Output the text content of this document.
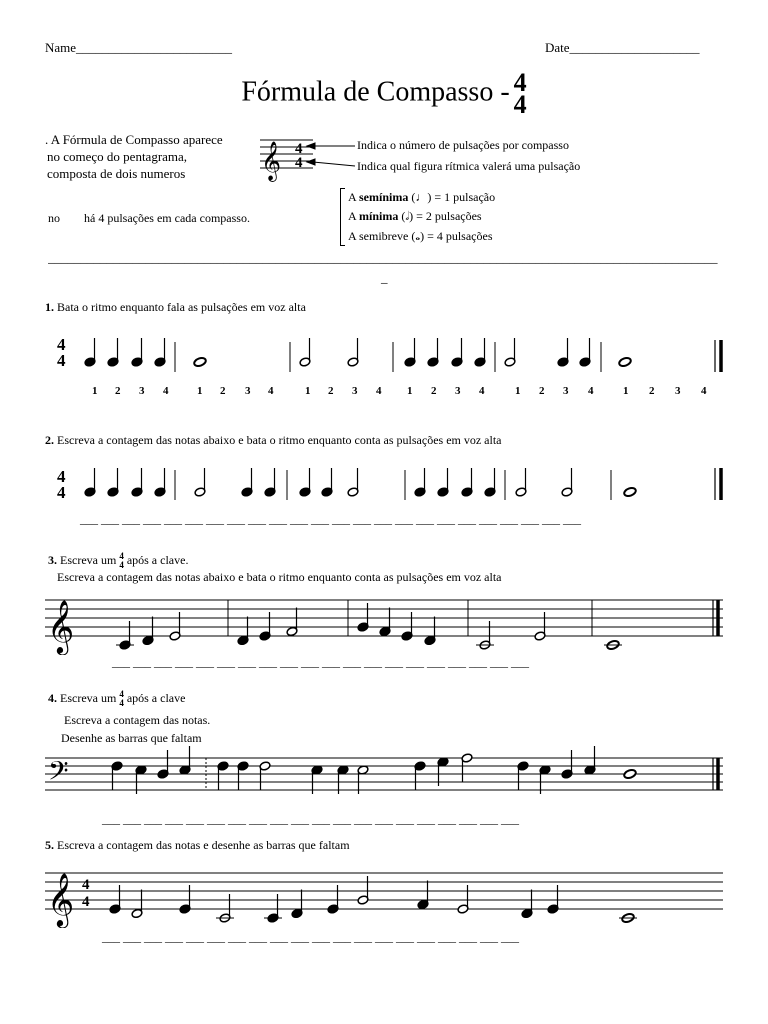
Name________________________	Date____________________
Fórmula de Compasso - 4
4
. A Fórmula de Compasso aparece
no começo do pentagrama,
composta de dois numeros 𝄞 4
4
Indica o número de pulsações por compasso
Indica qual figura rítmica valerá uma pulsação
no há 4 pulsações em cada compasso.
A semínima (♩) = 1 pulsação
A mínima (𝅗𝅥) = 2 pulsações
A semibreve (𝅝) = 4 pulsações
_______________________________________________________________________________________________________
_
1. Bata o ritmo enquanto fala as pulsações em voz alta
4
4
1 2 3 4	1 2 3 4	1 2 3 4 1 2 3 4	1 2 3 4	1 2 3 4
2. Escreva a contagem das notas abaixo e bata o ritmo enquanto conta as pulsações em voz alta
4
4
___ ___ ___ ___ ___ ___ ___ ___ ___ ___ ___ ___ ___ ___ ___ ___ ___ ___ ___ ___ ___ ___ ___ ___
3. Escreva um 4
4 após a clave.
Escreva a contagem das notas abaixo e bata o ritmo enquanto conta as pulsações em voz alta
𝄞
___ ___ ___ ___ ___ ___ ___ ___ ___ ___ ___ ___ ___ ___ ___ ___ ___ ___ ___ ___
4. Escreva um 4
4 após a clave
Escreva a contagem das notas.
Desenhe as barras que faltam
𝄢
___ ___ ___ ___ ___ ___ ___ ___ ___ ___ ___ ___ ___ ___ ___ ___ ___ ___ ___ ___
5. Escreva a contagem das notas e desenhe as barras que faltam
𝄞 4
4
___ ___ ___ ___ ___ ___ ___ ___ ___ ___ ___ ___ ___ ___ ___ ___ ___ ___ ___ ___
